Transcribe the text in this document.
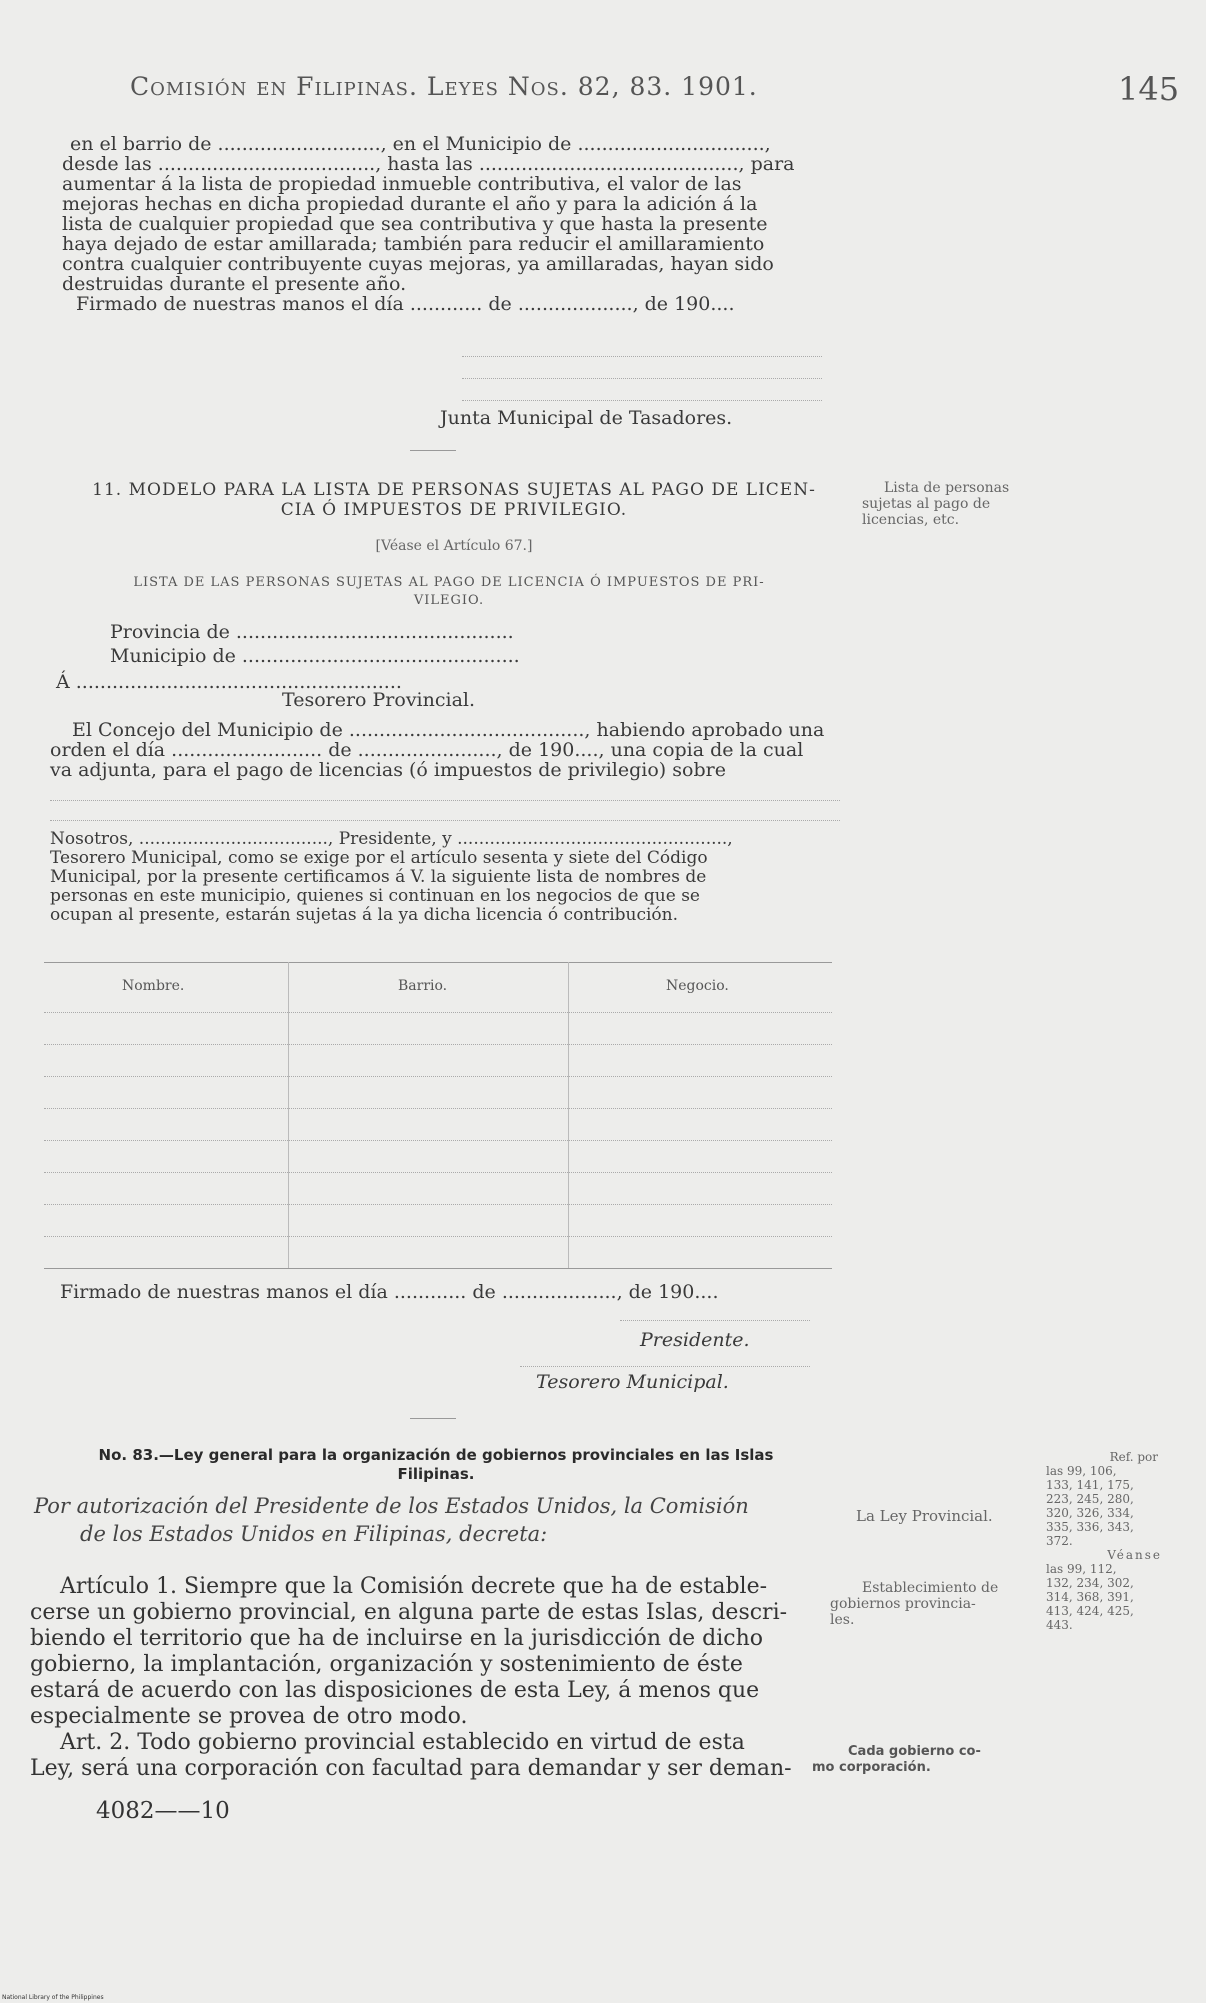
Comisión en Filipinas. Leyes Nos. 82, 83. 1901.	145
en el barrio de ..........................., en el Municipio de ...............................,
desde las ...................................., hasta las ..........................................., para
aumentar á la lista de propiedad inmueble contributiva, el valor de las
mejoras hechas en dicha propiedad durante el año y para la adición á la
lista de cualquier propiedad que sea contributiva y que hasta la presente
haya dejado de estar amillarada; también para reducir el amillaramiento
contra cualquier contribuyente cuyas mejoras, ya amillaradas, hayan sido
destruidas durante el presente año.
Firmado de nuestras manos el día ............ de ..................., de 190....
Junta Municipal de Tasadores.
11. MODELO PARA LA LISTA DE PERSONAS SUJETAS AL PAGO DE LICEN-
CIA Ó IMPUESTOS DE PRIVILEGIO.
[Véase el Artículo 67.]
LISTA DE LAS PERSONAS SUJETAS AL PAGO DE LICENCIA Ó IMPUESTOS DE PRI-
VILEGIO.
Provincia de ..............................................
Municipio de ..............................................
Á ......................................................
Tesorero Provincial.
El Concejo del Municipio de ......................................., habiendo aprobado una
orden el día ......................... de ......................., de 190...., una copia de la cual
va adjunta, para el pago de licencias (ó impuestos de privilegio) sobre
Nosotros, ..................................., Presidente, y ..................................................,
Tesorero Municipal, como se exige por el artículo sesenta y siete del Código
Municipal, por la presente certificamos á V. la siguiente lista de nombres de
personas en este municipio, quienes si continuan en los negocios de que se
ocupan al presente, estarán sujetas á la ya dicha licencia ó contribución.
Nombre.	Barrio.	Negocio.
Firmado de nuestras manos el día ............ de ..................., de 190....
Presidente.
Tesorero Municipal.
No. 83.—Ley general para la organización de gobiernos provinciales en las Islas
Filipinas.
Por autorización del Presidente de los Estados Unidos, la Comisión
de los Estados Unidos en Filipinas, decreta:
Artículo 1. Siempre que la Comisión decrete que ha de estable-
cerse un gobierno provincial, en alguna parte de estas Islas, descri-
biendo el territorio que ha de incluirse en la jurisdicción de dicho
gobierno, la implantación, organización y sostenimiento de éste
estará de acuerdo con las disposiciones de esta Ley, á menos que
especialmente se provea de otro modo.
Art. 2. Todo gobierno provincial establecido en virtud de esta
Ley, será una corporación con facultad para demandar y ser deman-
4082——10
Lista de personas
sujetas al pago de
licencias, etc.
Ref. por
las 99, 106,
133, 141, 175,
223, 245, 280,
320, 326, 334,
335, 336, 343,
372.
Véanse
las 99, 112,
132, 234, 302,
314, 368, 391,
413, 424, 425,
443.
La Ley Provincial.
Establecimiento de
gobiernos provincia-
les.
Cada gobierno co-
mo corporación.
National Library of the Philippines
